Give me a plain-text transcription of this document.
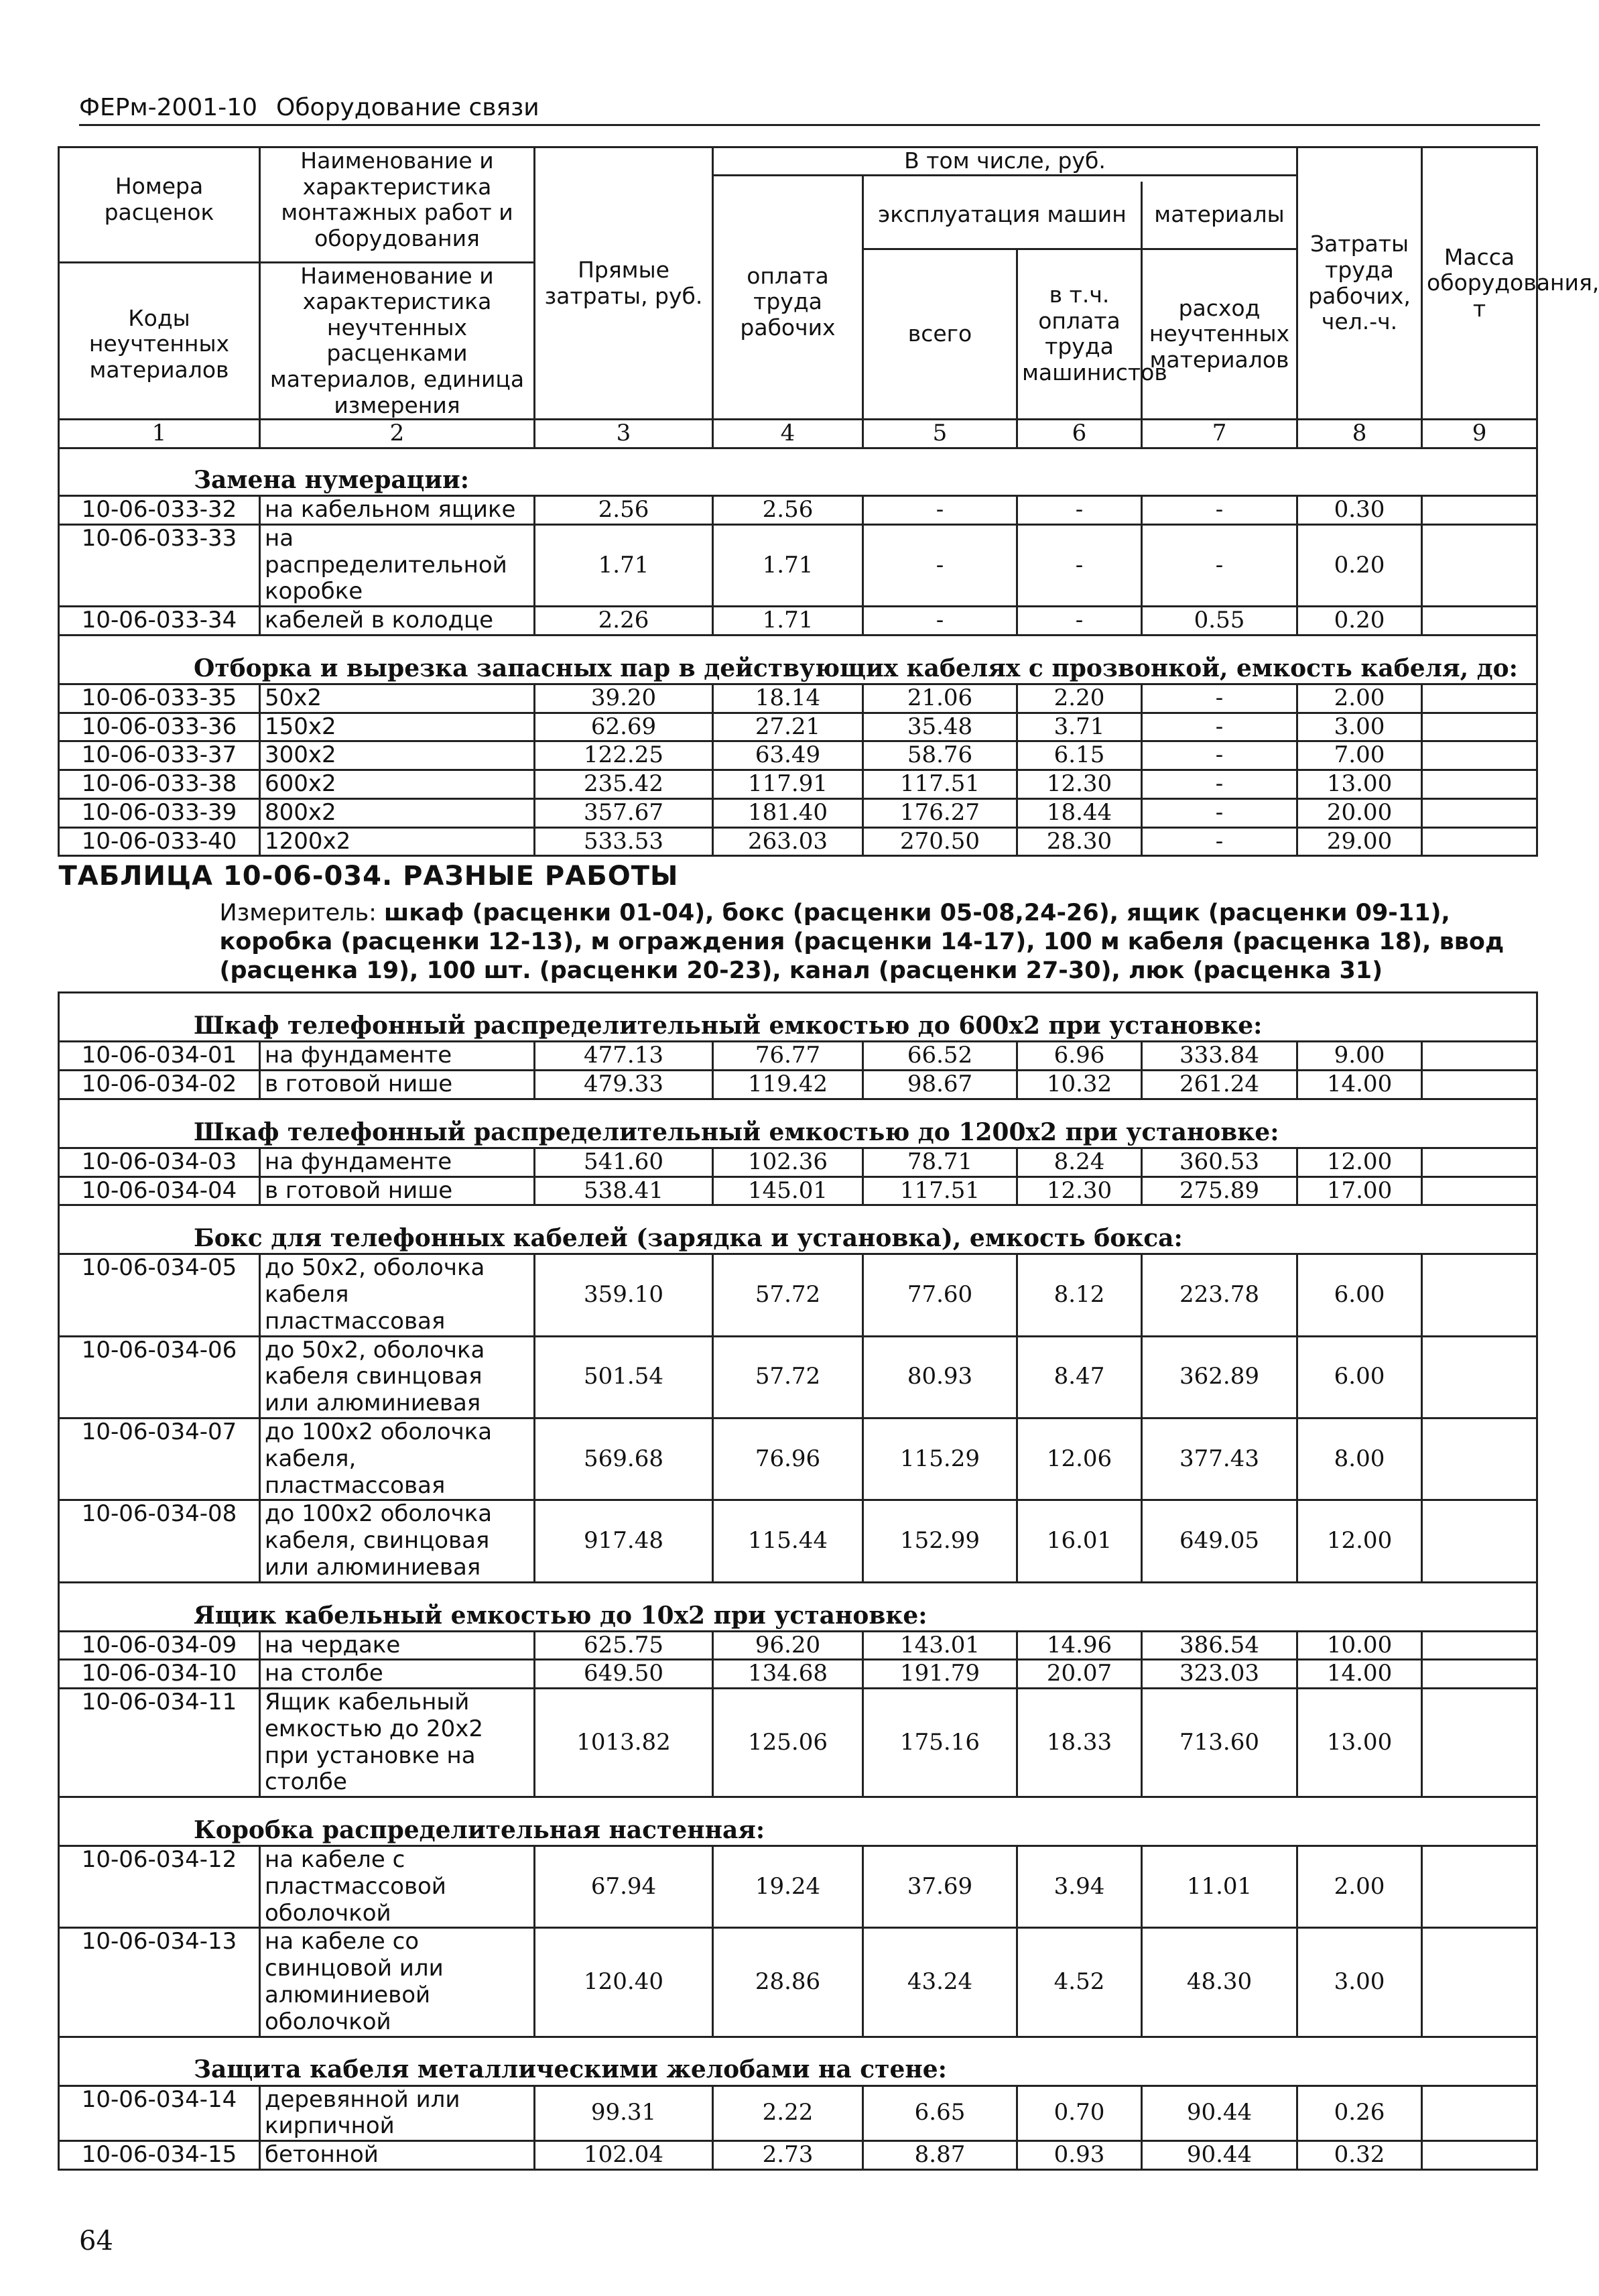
ФЕРм-2001-10 Оборудование связи
Номера расценок	Наименование и характеристика монтажных работ и оборудования	Прямые затраты, руб.	В том числе, руб.				Затраты труда рабочих, чел.-ч.	Масса оборудования, т
			оплата труда рабочих					
				эксплуатация машин		материалы		
				всего	в т.ч. оплата труда машинистов	расход неучтенных материалов		
Коды неучтенных материалов	Наименование и характеристика неучтенных расценками материалов, единица измерения							

1	2	3	4	5	6	7	8	9
Замена нумерации:								
10-06-033-32	на кабельном ящике	2.56	2.56	-	-	-	0.30	
10-06-033-33	на распределительной коробке	1.71	1.71	-	-	-	0.20	
10-06-033-34	кабелей в колодце	2.26	1.71	-	-	0.55	0.20	
Отборка и вырезка запасных пар в действующих кабелях с прозвонкой, емкость кабеля, до:								
10-06-033-35	50x2	39.20	18.14	21.06	2.20	-	2.00	
10-06-033-36	150x2	62.69	27.21	35.48	3.71	-	3.00	
10-06-033-37	300x2	122.25	63.49	58.76	6.15	-	7.00	
10-06-033-38	600x2	235.42	117.91	117.51	12.30	-	13.00	
10-06-033-39	800x2	357.67	181.40	176.27	18.44	-	20.00	
10-06-033-40	1200x2	533.53	263.03	270.50	28.30	-	29.00	

ТАБЛИЦА 10-06-034. РАЗНЫЕ РАБОТЫ
Измеритель: шкаф (расценки 01-04), бокс (расценки 05-08,24-26), ящик (расценки 09-11), коробка (расценки 12-13), м ограждения (расценки 14-17), 100 м кабеля (расценка 18), ввод (расценка 19), 100 шт. (расценки 20-23), канал (расценки 27-30), люк (расценка 31)								

Шкаф телефонный распределительный емкостью до 600x2 при установке:								
10-06-034-01	на фундаменте	477.13	76.77	66.52	6.96	333.84	9.00	
10-06-034-02	в готовой нише	479.33	119.42	98.67	10.32	261.24	14.00	
Шкаф телефонный распределительный емкостью до 1200x2 при установке:								
10-06-034-03	на фундаменте	541.60	102.36	78.71	8.24	360.53	12.00	
10-06-034-04	в готовой нише	538.41	145.01	117.51	12.30	275.89	17.00	
Бокс для телефонных кабелей (зарядка и установка), емкость бокса:								
10-06-034-05	до 50x2, оболочка кабеля пластмассовая	359.10	57.72	77.60	8.12	223.78	6.00	
10-06-034-06	до 50x2, оболочка кабеля свинцовая или алюминиевая	501.54	57.72	80.93	8.47	362.89	6.00	
10-06-034-07	до 100x2 оболочка кабеля, пластмассовая	569.68	76.96	115.29	12.06	377.43	8.00	
10-06-034-08	до 100x2 оболочка кабеля, свинцовая или алюминиевая	917.48	115.44	152.99	16.01	649.05	12.00	
Ящик кабельный емкостью до 10x2 при установке:								
10-06-034-09	на чердаке	625.75	96.20	143.01	14.96	386.54	10.00	
10-06-034-10	на столбе	649.50	134.68	191.79	20.07	323.03	14.00	
10-06-034-11	Ящик кабельный емкостью до 20x2 при установке на столбе	1013.82	125.06	175.16	18.33	713.60	13.00	
Коробка распределительная настенная:								
10-06-034-12	на кабеле с пластмассовой оболочкой	67.94	19.24	37.69	3.94	11.01	2.00	
10-06-034-13	на кабеле со свинцовой или алюминиевой оболочкой	120.40	28.86	43.24	4.52	48.30	3.00	
Защита кабеля металлическими желобами на стене:								
10-06-034-14	деревянной или кирпичной	99.31	2.22	6.65	0.70	90.44	0.26	
10-06-034-15	бетонной	102.04	2.73	8.87	0.93	90.44	0.32	
64
